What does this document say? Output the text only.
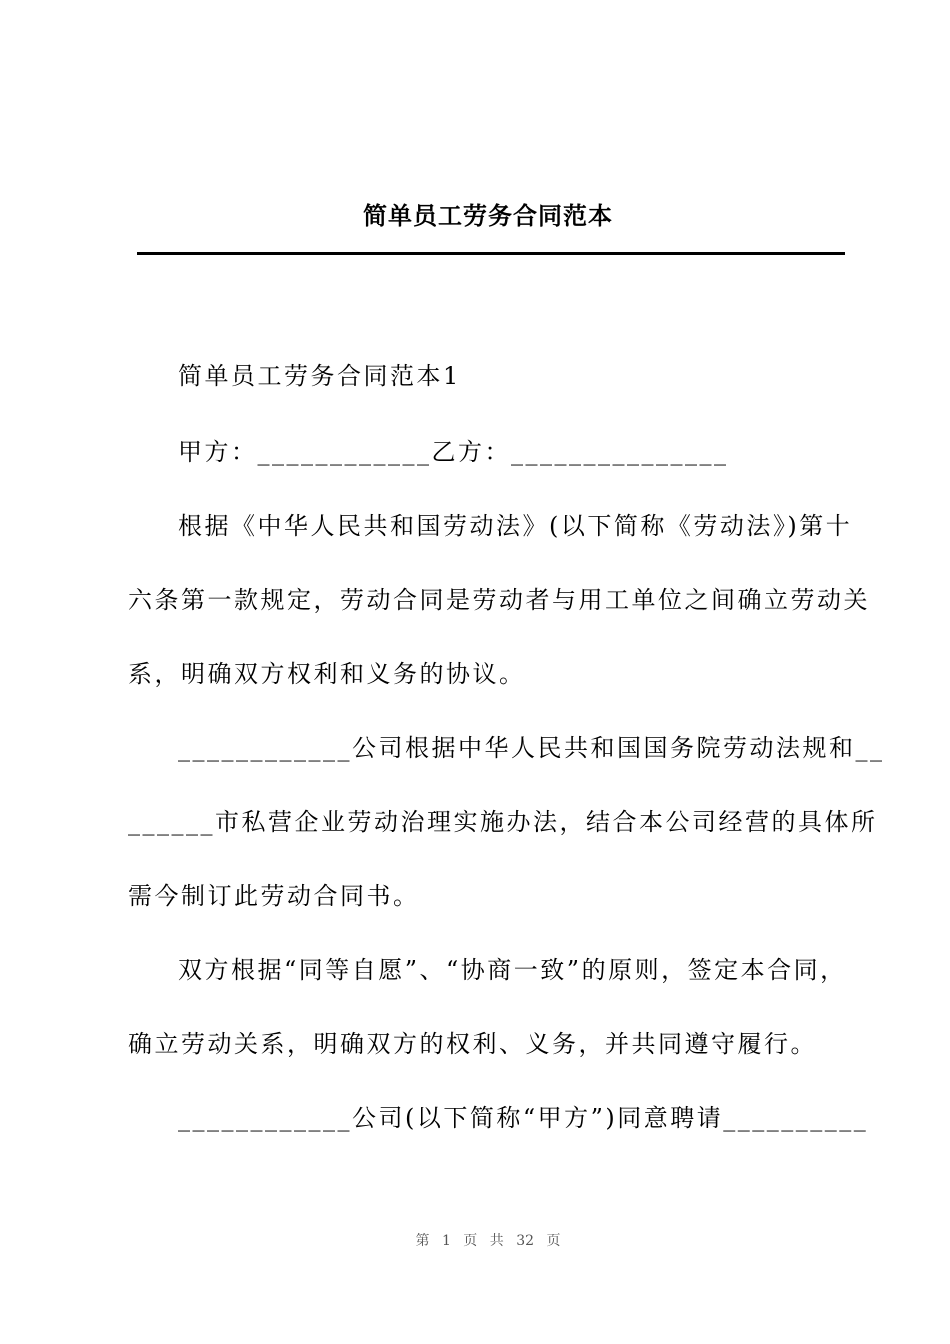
简单员工劳务合同范本
简单员工劳务合同范本1
甲方：____________乙方：_______________
根据《中华人民共和国劳动法》(以下简称《劳动法》)第十
六条第一款规定，劳动合同是劳动者与用工单位之间确立劳动关
系，明确双方权利和义务的协议。
____________公司根据中华人民共和国国务院劳动法规和__
______市私营企业劳动治理实施办法，结合本公司经营的具体所
需今制订此劳动合同书。
双方根据“同等自愿”、“协商一致”的原则，签定本合同，
确立劳动关系，明确双方的权利、义务，并共同遵守履行。
____________公司(以下简称“甲方”)同意聘请__________
第 1 页 共 32 页
